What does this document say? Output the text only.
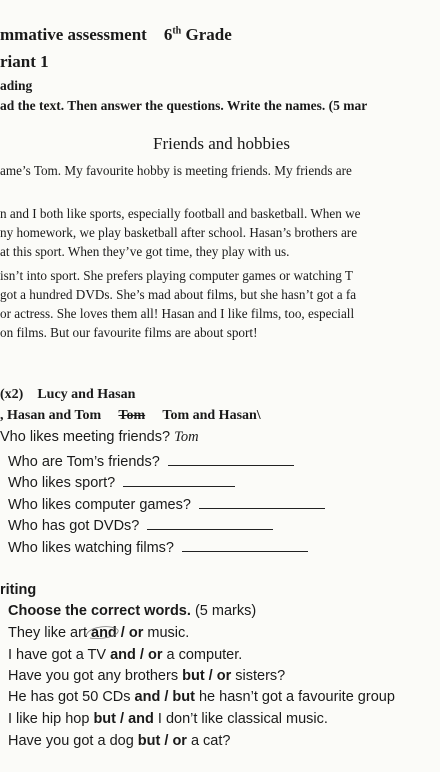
mmative assessment 6th Grade
riant 1
ading
ad the text. Then answer the questions. Write the names. (5 mar
Friends and hobbies
ame’s Tom. My favourite hobby is meeting friends. My friends are
n and I both like sports, especially football and basketball. When we
ny homework, we play basketball after school. Hasan’s brothers are
at this sport. When they’ve got time, they play with us.
isn’t into sport. She prefers playing computer games or watching T
got a hundred DVDs. She’s mad about films, but she hasn’t got a fa
or actress. She loves them all! Hasan and I like films, too, especiall
on films. But our favourite films are about sport!
(x2) Lucy and Hasan
, Hasan and Tom Tom Tom and Hasan\
Vho likes meeting friends? Tom
Who are Tom’s friends?
Who likes sport?
Who likes computer games?
Who has got DVDs?
Who likes watching films?
riting
Choose the correct words. (5 marks)
They like art and / or music.
I have got a TV and / or a computer.
Have you got any brothers but / or sisters?
He has got 50 CDs and / but he hasn’t got a favourite group
I like hip hop but / and I don’t like classical music.
Have you got a dog but / or a cat?
